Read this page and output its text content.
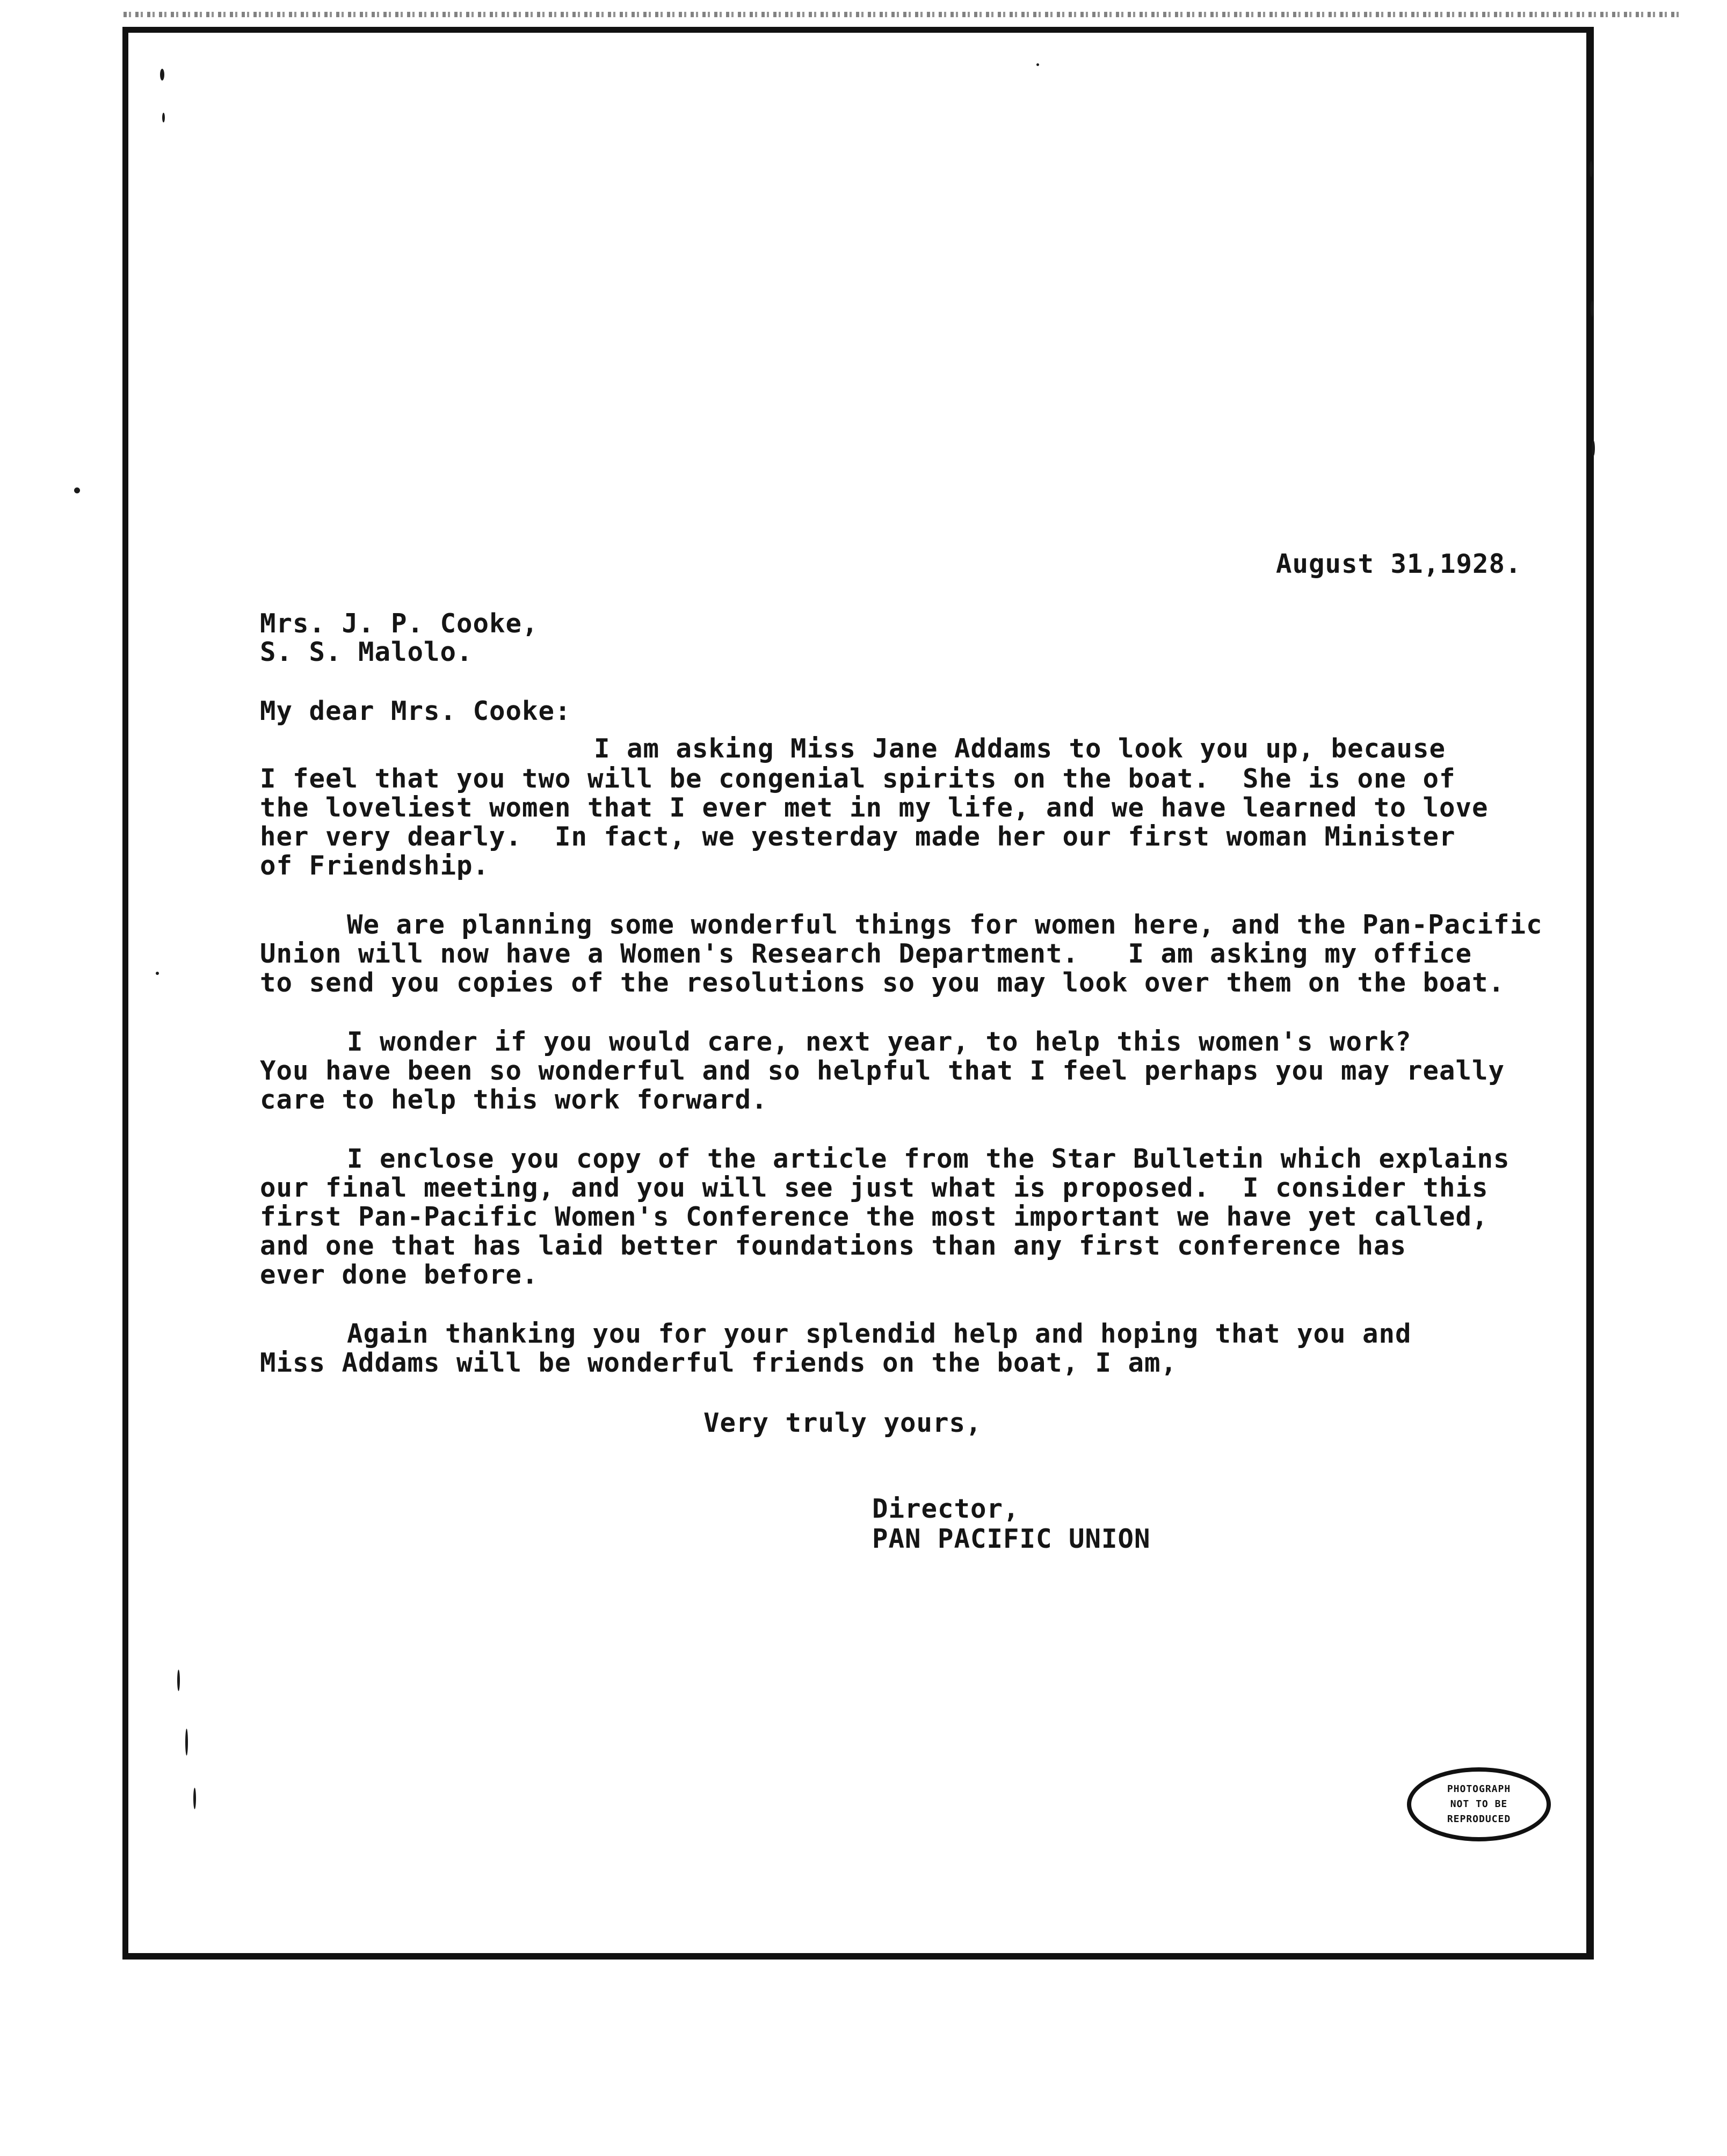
August 31,1928.

Mrs. J. P. Cooke,

S. S. Malolo.

My dear Mrs. Cooke:

I am asking Miss Jane Addams to look you up, because

I feel that you two will be congenial spirits on the boat.  She is one of

the loveliest women that I ever met in my life, and we have learned to love

her very dearly.  In fact, we yesterday made her our first woman Minister

of Friendship.

We are planning some wonderful things for women here, and the Pan-Pacific

Union will now have a Women's Research Department.   I am asking my office

to send you copies of the resolutions so you may look over them on the boat.

I wonder if you would care, next year, to help this women's work?

You have been so wonderful and so helpful that I feel perhaps you may really

care to help this work forward.

I enclose you copy of the article from the Star Bulletin which explains

our final meeting, and you will see just what is proposed.  I consider this

first Pan-Pacific Women's Conference the most important we have yet called,

and one that has laid better foundations than any first conference has

ever done before.

Again thanking you for your splendid help and hoping that you and

Miss Addams will be wonderful friends on the boat, I am,

Very truly yours,

Director,

PAN PACIFIC UNION

PHOTOGRAPH
NOT TO BE
REPRODUCED
